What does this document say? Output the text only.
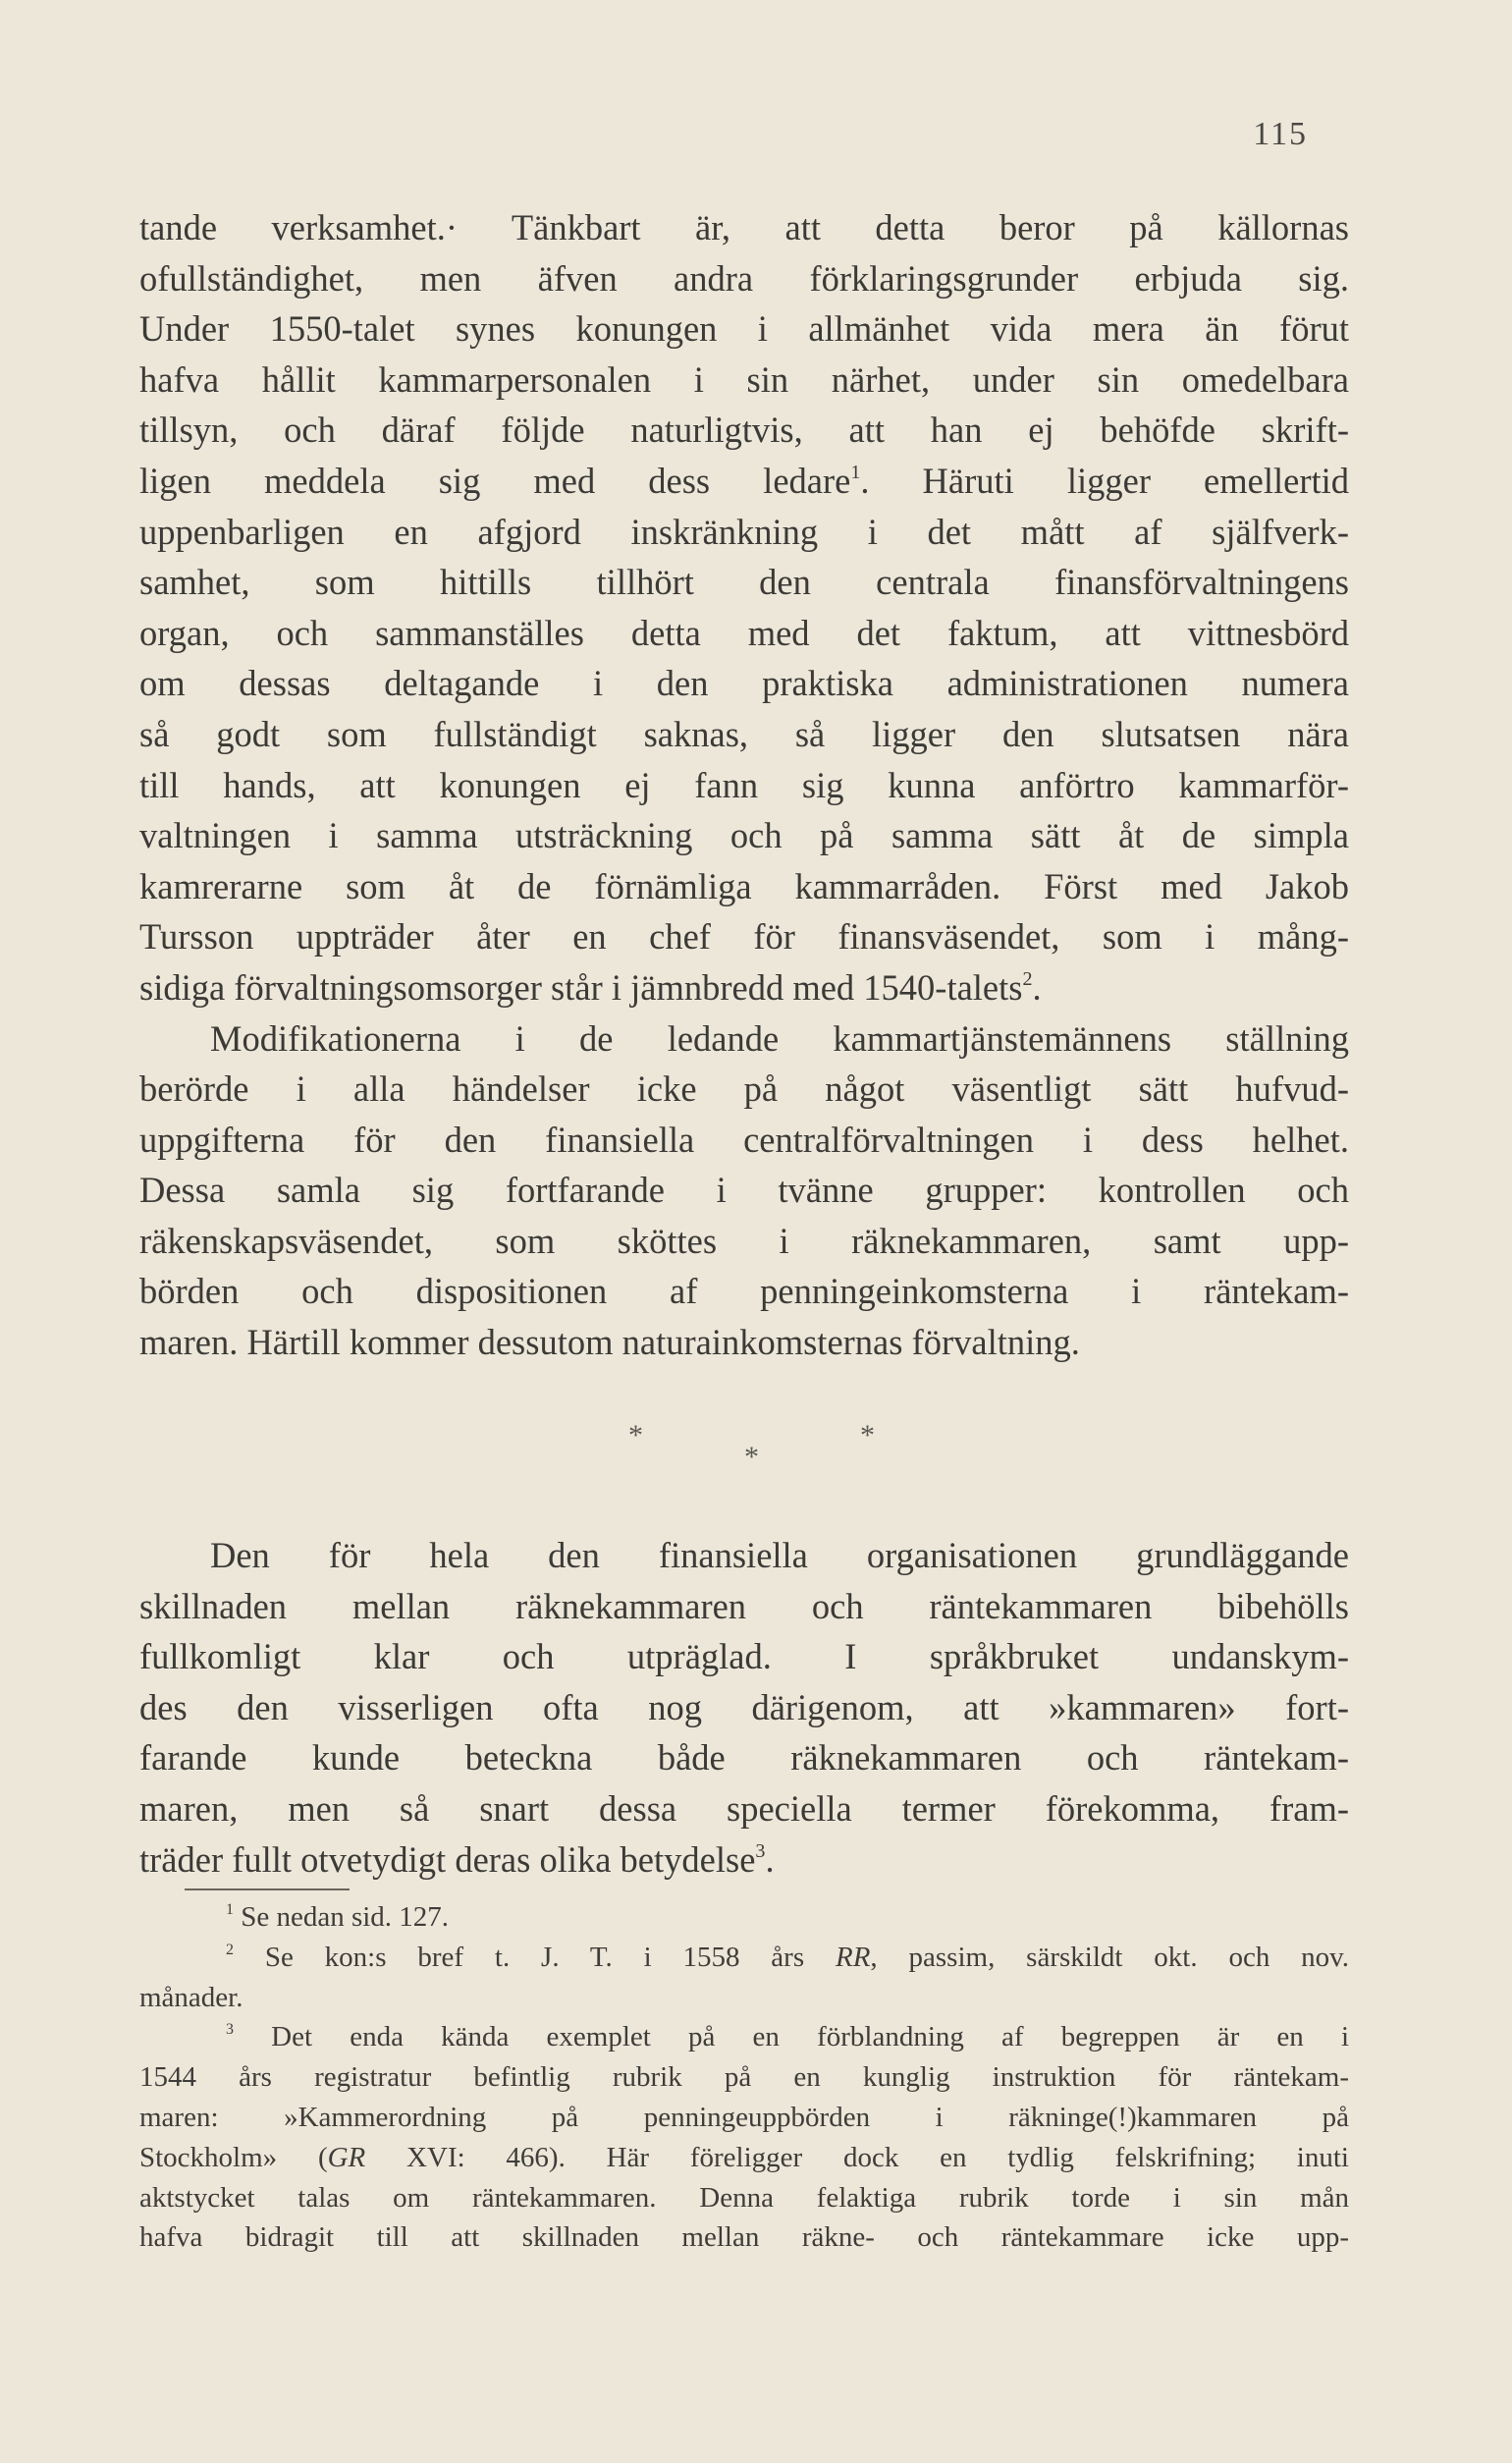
115
tande verksamhet.· Tänkbart är, att detta beror på källornas
ofullständighet, men äfven andra förklaringsgrunder erbjuda sig.
Under 1550-talet synes konungen i allmänhet vida mera än förut
hafva hållit kammarpersonalen i sin närhet, under sin omedelbara
tillsyn, och däraf följde naturligtvis, att han ej behöfde skrift-
ligen meddela sig med dess ledare$^1$. Häruti ligger emellertid
uppenbarligen en afgjord inskränkning i det mått af själfverk-
samhet, som hittills tillhört den centrala finansförvaltningens
organ, och sammanställes detta med det faktum, att vittnesbörd
om dessas deltagande i den praktiska administrationen numera
så godt som fullständigt saknas, så ligger den slutsatsen nära
till hands, att konungen ej fann sig kunna anförtro kammarför-
valtningen i samma utsträckning och på samma sätt åt de simpla
kamrerarne som åt de förnämliga kammarråden. Först med Jakob
Tursson uppträder åter en chef för finansväsendet, som i mång-
sidiga förvaltningsomsorger står i jämnbredd med 1540-talets$^2$.
Modifikationerna i de ledande kammartjänstemännens ställning
berörde i alla händelser icke på något väsentligt sätt hufvud-
uppgifterna för den finansiella centralförvaltningen i dess helhet.
Dessa samla sig fortfarande i tvänne grupper: kontrollen och
räkenskapsväsendet, som sköttes i räknekammaren, samt upp-
börden och dispositionen af penningeinkomsterna i räntekam-
maren. Härtill kommer dessutom naturainkomsternas förvaltning.
*	*
*
Den för hela den finansiella organisationen grundläggande
skillnaden mellan räknekammaren och räntekammaren bibehölls
fullkomligt klar och utpräglad. I språkbruket undanskym-
des den visserligen ofta nog därigenom, att »kammaren» fort-
farande kunde beteckna både räknekammaren och räntekam-
maren, men så snart dessa speciella termer förekomma, fram-
träder fullt otvetydigt deras olika betydelse$^3$.
$^1$ Se nedan sid. 127.
$^2$ Se kon:s bref t. J. T. i 1558 års RR, passim, särskildt okt. och nov.
månader.
$^3$ Det enda kända exemplet på en förblandning af begreppen är en i
1544 års registratur befintlig rubrik på en kunglig instruktion för räntekam-
maren: »Kammerordning på penningeuppbörden i räkninge(!)kammaren på
Stockholm» (GR XVI: 466). Här föreligger dock en tydlig felskrifning; inuti
aktstycket talas om räntekammaren. Denna felaktiga rubrik torde i sin mån
hafva bidragit till att skillnaden mellan räkne- och räntekammare icke upp-
